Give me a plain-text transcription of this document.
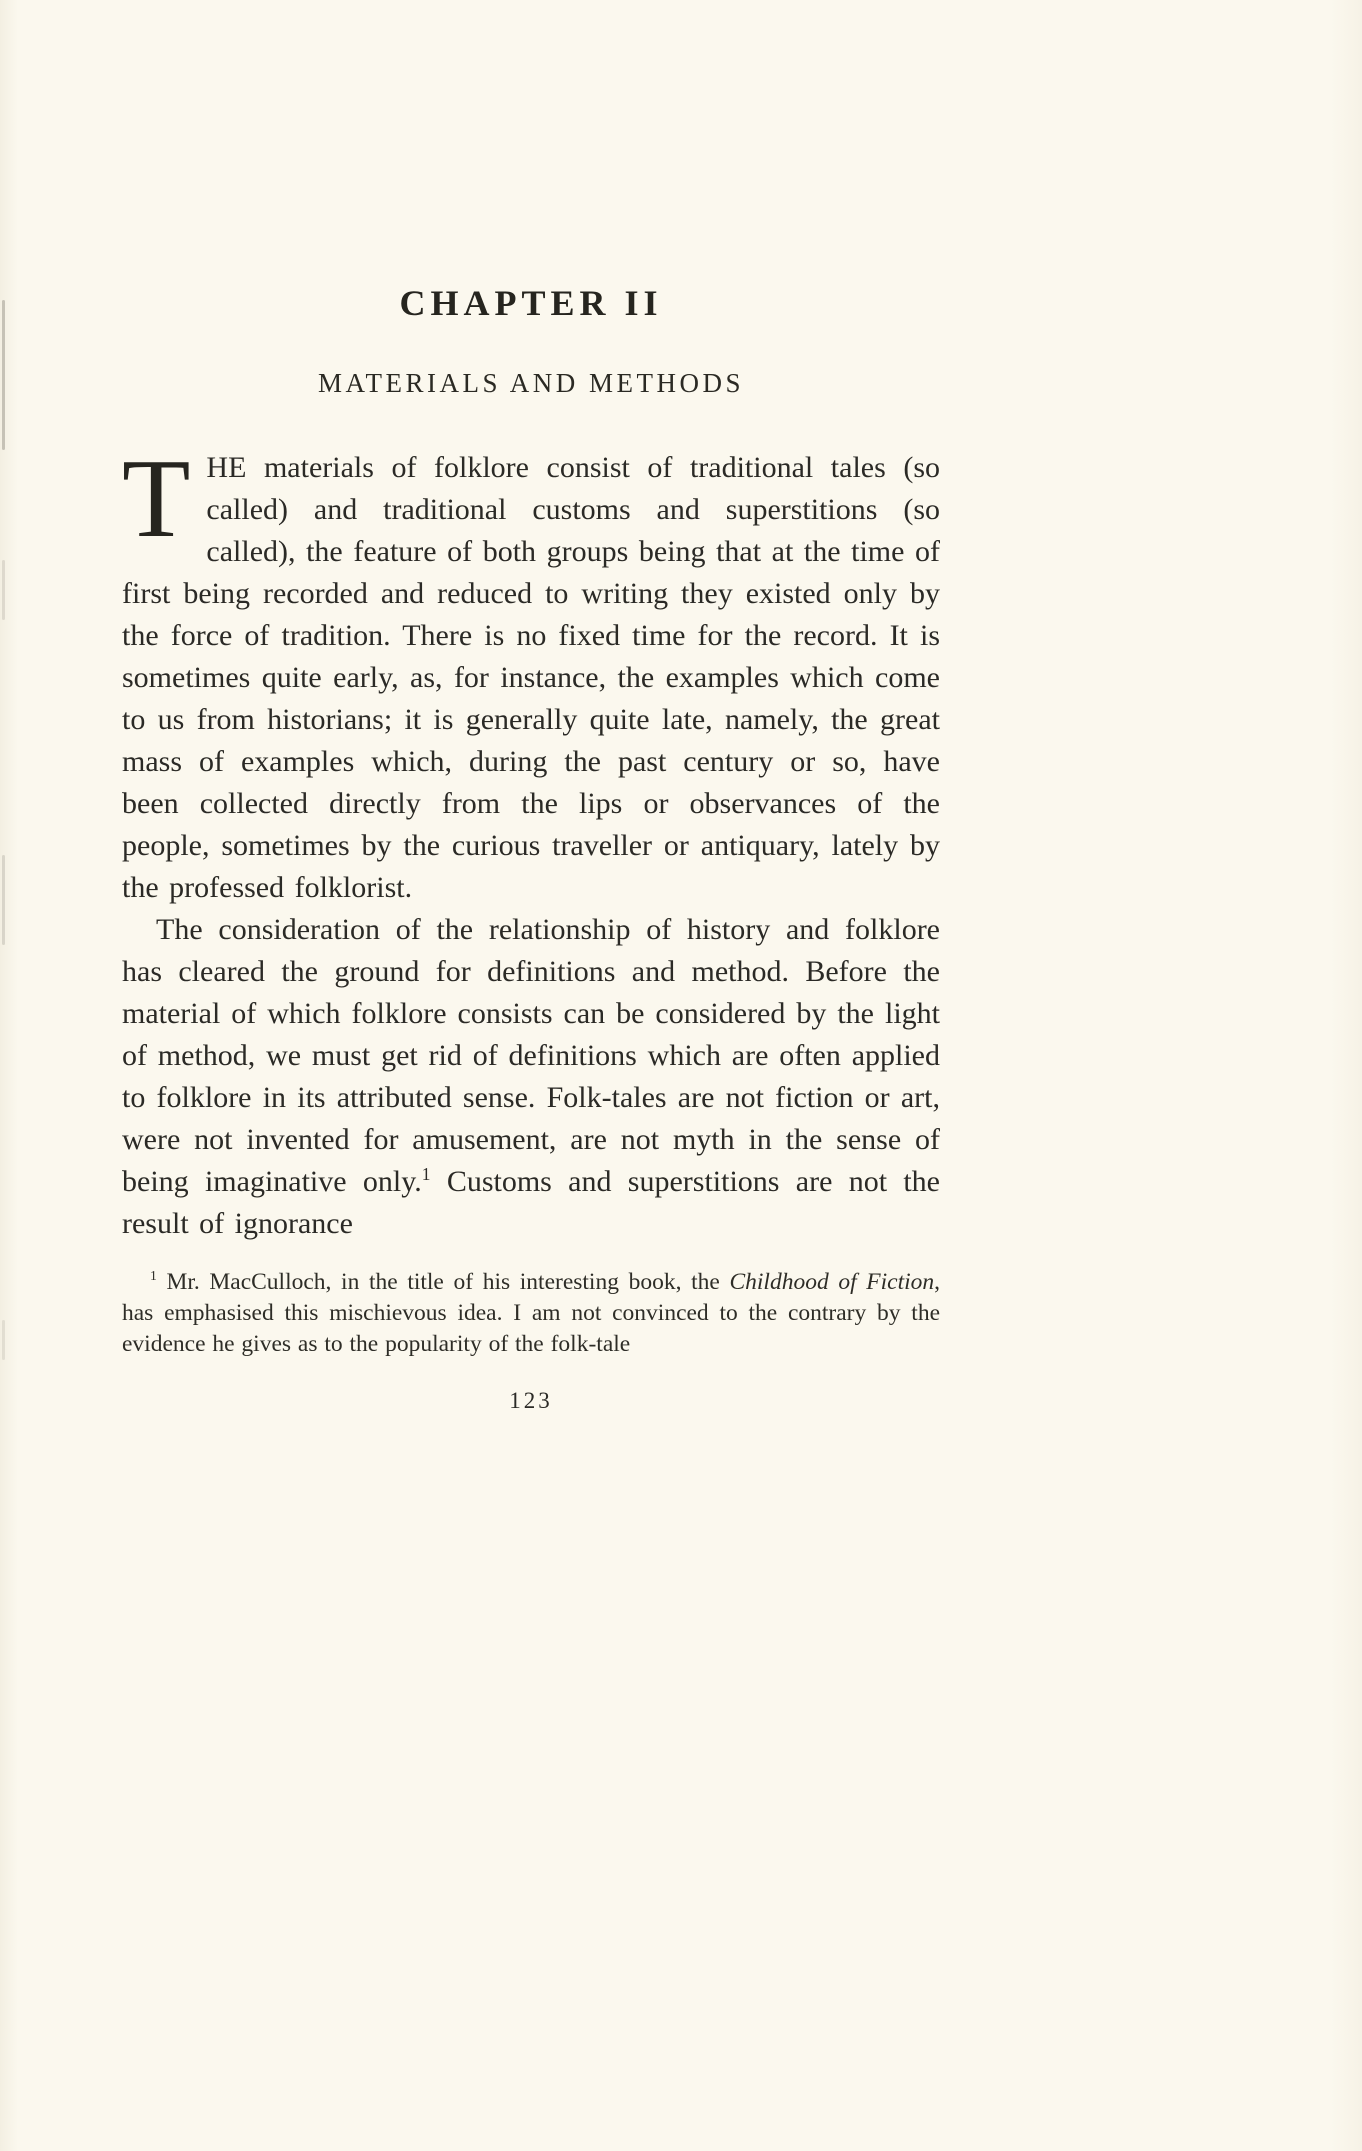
CHAPTER II
MATERIALS AND METHODS

THE materials of folklore consist of traditional tales (so called) and traditional customs and superstitions (so called), the feature of both groups being that at the time of first being recorded and reduced to writing they existed only by the force of tradition. There is no fixed time for the record. It is sometimes quite early, as, for instance, the examples which come to us from historians; it is generally quite late, namely, the great mass of examples which, during the past century or so, have been collected directly from the lips or observances of the people, sometimes by the curious traveller or antiquary, lately by the professed folklorist.

The consideration of the relationship of history and folklore has cleared the ground for definitions and method. Before the material of which folklore consists can be considered by the light of method, we must get rid of definitions which are often applied to folklore in its attributed sense. Folk-tales are not fiction or art, were not invented for amusement, are not myth in the sense of being imaginative only.$^1$ Customs and superstitions are not the result of ignorance

$^1$ Mr. MacCulloch, in the title of his interesting book, the Childhood of Fiction, has emphasised this mischievous idea. I am not convinced to the contrary by the evidence he gives as to the popularity of the folk-tale
123
